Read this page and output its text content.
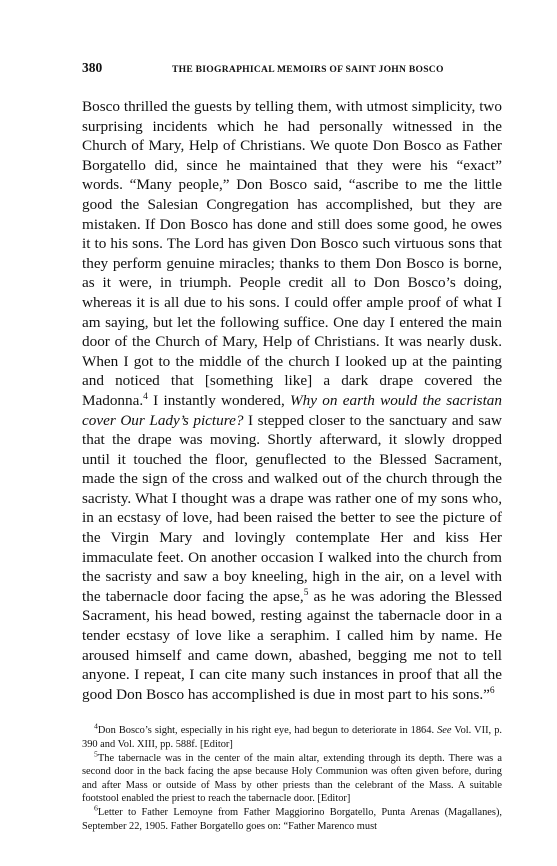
380	THE BIOGRAPHICAL MEMOIRS OF SAINT JOHN BOSCO

Bosco thrilled the guests by telling them, with utmost simplicity, two surprising incidents which he had personally witnessed in the Church of Mary, Help of Christians. We quote Don Bosco as Father Borgatello did, since he maintained that they were his “exact” words. “Many people,” Don Bosco said, “ascribe to me the little good the Salesian Congregation has accomplished, but they are mistaken. If Don Bosco has done and still does some good, he owes it to his sons. The Lord has given Don Bosco such virtuous sons that they perform genuine miracles; thanks to them Don Bosco is borne, as it were, in triumph. People credit all to Don Bosco’s doing, whereas it is all due to his sons. I could offer ample proof of what I am saying, but let the following suffice. One day I entered the main door of the Church of Mary, Help of Christians. It was nearly dusk. When I got to the middle of the church I looked up at the painting and noticed that [something like] a dark drape covered the Madonna.$^4$ I instantly wondered, Why on earth would the sacristan cover Our Lady’s picture? I stepped closer to the sanctuary and saw that the drape was moving. Shortly afterward, it slowly dropped until it touched the floor, genuflected to the Blessed Sacrament, made the sign of the cross and walked out of the church through the sacristy. What I thought was a drape was rather one of my sons who, in an ecstasy of love, had been raised the better to see the picture of the Virgin Mary and lovingly contemplate Her and kiss Her immaculate feet. On another occasion I walked into the church from the sacristy and saw a boy kneeling, high in the air, on a level with the tabernacle door facing the apse,$^5$ as he was adoring the Blessed Sacrament, his head bowed, resting against the tabernacle door in a tender ecstasy of love like a seraphim. I called him by name. He aroused himself and came down, abashed, begging me not to tell anyone. I repeat, I can cite many such instances in proof that all the good Don Bosco has accomplished is due in most part to his sons.”$^6$

$^4$Don Bosco’s sight, especially in his right eye, had begun to deteriorate in 1864. See Vol. VII, p. 390 and Vol. XIII, pp. 588f. [Editor]

$^5$The tabernacle was in the center of the main altar, extending through its depth. There was a second door in the back facing the apse because Holy Communion was often given before, during and after Mass or outside of Mass by other priests than the celebrant of the Mass. A suitable footstool enabled the priest to reach the tabernacle door. [Editor]

$^6$Letter to Father Lemoyne from Father Maggiorino Borgatello, Punta Arenas (Magallanes), September 22, 1905. Father Borgatello goes on: “Father Marenco must
